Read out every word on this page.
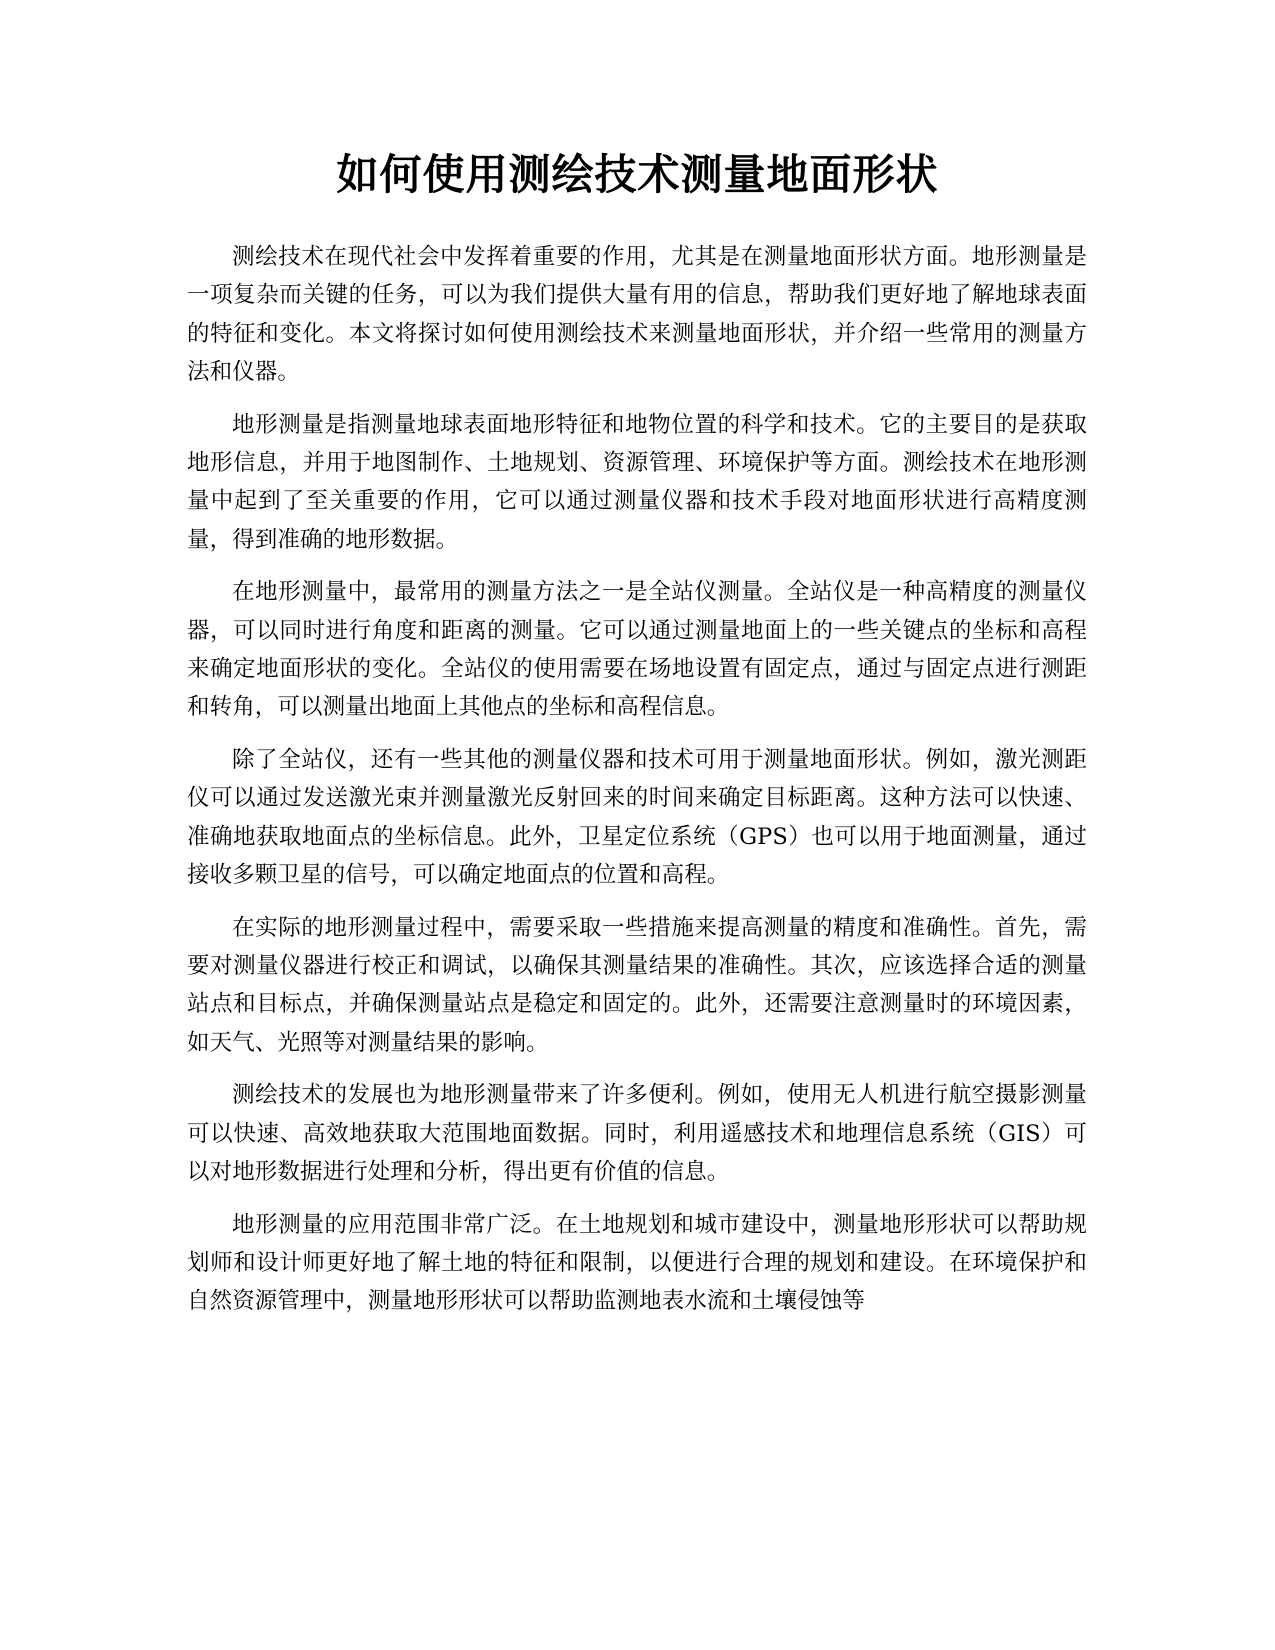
如何使用测绘技术测量地面形状

测绘技术在现代社会中发挥着重要的作用，尤其是在测量地面形状方面。地形测量是一项复杂而关键的任务，可以为我们提供大量有用的信息，帮助我们更好地了解地球表面的特征和变化。本文将探讨如何使用测绘技术来测量地面形状，并介绍一些常用的测量方法和仪器。

地形测量是指测量地球表面地形特征和地物位置的科学和技术。它的主要目的是获取地形信息，并用于地图制作、土地规划、资源管理、环境保护等方面。测绘技术在地形测量中起到了至关重要的作用，它可以通过测量仪器和技术手段对地面形状进行高精度测量，得到准确的地形数据。

在地形测量中，最常用的测量方法之一是全站仪测量。全站仪是一种高精度的测量仪器，可以同时进行角度和距离的测量。它可以通过测量地面上的一些关键点的坐标和高程来确定地面形状的变化。全站仪的使用需要在场地设置有固定点，通过与固定点进行测距和转角，可以测量出地面上其他点的坐标和高程信息。

除了全站仪，还有一些其他的测量仪器和技术可用于测量地面形状。例如，激光测距仪可以通过发送激光束并测量激光反射回来的时间来确定目标距离。这种方法可以快速、准确地获取地面点的坐标信息。此外，卫星定位系统（GPS）也可以用于地面测量，通过接收多颗卫星的信号，可以确定地面点的位置和高程。

在实际的地形测量过程中，需要采取一些措施来提高测量的精度和准确性。首先，需要对测量仪器进行校正和调试，以确保其测量结果的准确性。其次，应该选择合适的测量站点和目标点，并确保测量站点是稳定和固定的。此外，还需要注意测量时的环境因素，如天气、光照等对测量结果的影响。

测绘技术的发展也为地形测量带来了许多便利。例如，使用无人机进行航空摄影测量可以快速、高效地获取大范围地面数据。同时，利用遥感技术和地理信息系统（GIS）可以对地形数据进行处理和分析，得出更有价值的信息。

地形测量的应用范围非常广泛。在土地规划和城市建设中，测量地形形状可以帮助规划师和设计师更好地了解土地的特征和限制，以便进行合理的规划和建设。在环境保护和自然资源管理中，测量地形形状可以帮助监测地表水流和土壤侵蚀等
